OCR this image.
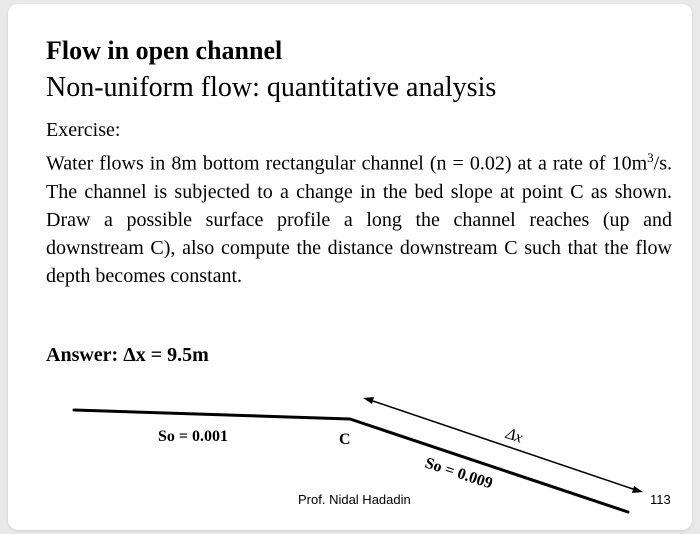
Flow in open channel
Non-uniform flow: quantitative analysis
Exercise:

Water flows in 8m bottom rectangular channel (n = 0.02) at a rate of $10m^3/s$. The channel is subjected to a change in the bed slope at point C as shown. Draw a possible surface profile a long the channel reaches (up and downstream C), also compute the distance downstream C such that the flow depth becomes constant.

Answer: Δx = 9.5m
So = 0.001	C	Δx
So = 0.009
Prof. Nidal Hadadin	113
